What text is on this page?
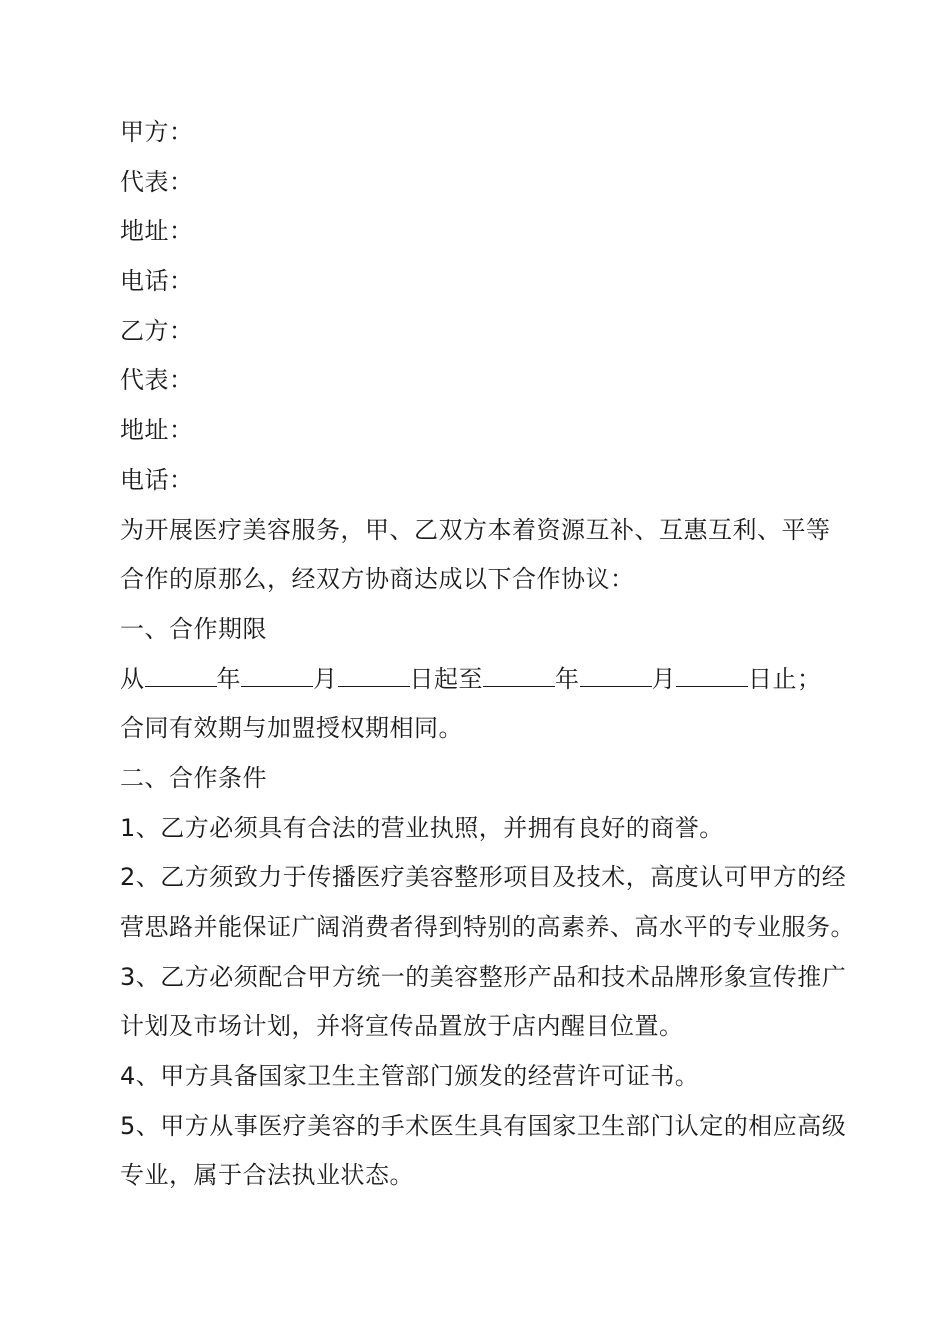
甲方：
代表：
地址：
电话：
乙方：
代表：
地址：
电话：
为开展医疗美容服务，甲、乙双方本着资源互补、互惠互利、平等
合作的原那么，经双方协商达成以下合作协议：
一、合作期限
从	年	月	日起至	年	月	日止；
合同有效期与加盟授权期相同。
二、合作条件
1、乙方必须具有合法的营业执照，并拥有良好的商誉。
2、乙方须致力于传播医疗美容整形项目及技术，高度认可甲方的经
营思路并能保证广阔消费者得到特别的高素养、高水平的专业服务。
3、乙方必须配合甲方统一的美容整形产品和技术品牌形象宣传推广
计划及市场计划，并将宣传品置放于店内醒目位置。
4、甲方具备国家卫生主管部门颁发的经营许可证书。
5、甲方从事医疗美容的手术医生具有国家卫生部门认定的相应高级
专业，属于合法执业状态。
